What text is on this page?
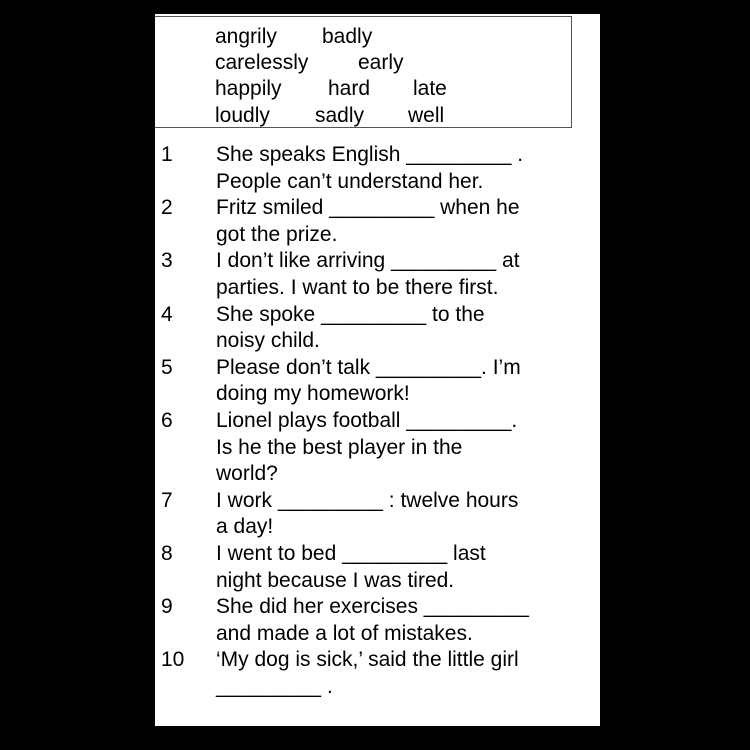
angrily badly
carelessly early
happily hard late
loudly sadly well
1 She speaks English _________ .
People can’t understand her.
2 Fritz smiled _________ when he
got the prize.
3 I don’t like arriving _________ at
parties. I want to be there first.
4 She spoke _________ to the
noisy child.
5 Please don’t talk _________. I’m
doing my homework!
6 Lionel plays football _________.
Is he the best player in the
world?
7 I work _________ : twelve hours
a day!
8 I went to bed _________ last
night because I was tired.
9 She did her exercises _________
and made a lot of mistakes.
10 ‘My dog is sick,’ said the little girl
_________ .
